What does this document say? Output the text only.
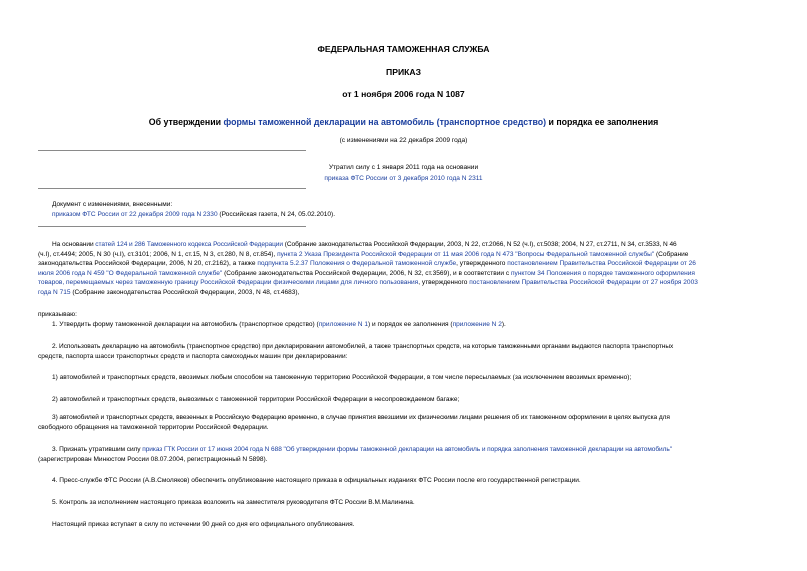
ФЕДЕРАЛЬНАЯ ТАМОЖЕННАЯ СЛУЖБА
ПРИКАЗ
от 1 ноября 2006 года N 1087
Об утверждении формы таможенной декларации на автомобиль (транспортное средство) и порядка ее заполнения
(с изменениями на 22 декабря 2009 года)
Утратил силу с 1 января 2011 года на основании
приказа ФТС России от 3 декабря 2010 года N 2311
Документ с изменениями, внесенными:
приказом ФТС России от 22 декабря 2009 года N 2330 (Российская газета, N 24, 05.02.2010).
На основании статей 124 и 286 Таможенного кодекса Российской Федерации (Собрание законодательства Российской Федерации, 2003, N 22, ст.2066, N 52 (ч.I), ст.5038; 2004, N 27, ст.2711, N 34, ст.3533, N 46
(ч.I), ст.4494; 2005, N 30 (ч.I), ст.3101; 2006, N 1, ст.15, N 3, ст.280, N 8, ст.854), пункта 2 Указа Президента Российской Федерации от 11 мая 2006 года N 473 "Вопросы Федеральной таможенной службы" (Собрание
законодательства Российской Федерации, 2006, N 20, ст.2162), а также подпункта 5.2.37 Положения о Федеральной таможенной службе, утвержденного постановлением Правительства Российской Федерации от 26
июля 2006 года N 459 "О Федеральной таможенной службе" (Собрание законодательства Российской Федерации, 2006, N 32, ст.3569), и в соответствии с пунктом 34 Положения о порядке таможенного оформления
товаров, перемещаемых через таможенную границу Российской Федерации физическими лицами для личного пользования, утвержденного постановлением Правительства Российской Федерации от 27 ноября 2003
года N 715 (Собрание законодательства Российской Федерации, 2003, N 48, ст.4683),
приказываю:
1. Утвердить форму таможенной декларации на автомобиль (транспортное средство) (приложение N 1) и порядок ее заполнения (приложение N 2).
2. Использовать декларацию на автомобиль (транспортное средство) при декларировании автомобилей, а также транспортных средств, на которые таможенными органами выдаются паспорта транспортных
средств, паспорта шасси транспортных средств и паспорта самоходных машин при декларировании:
1) автомобилей и транспортных средств, ввозимых любым способом на таможенную территорию Российской Федерации, в том числе пересылаемых (за исключением ввозимых временно);
2) автомобилей и транспортных средств, вывозимых с таможенной территории Российской Федерации в несопровождаемом багаже;
3) автомобилей и транспортных средств, ввезенных в Российскую Федерацию временно, в случае принятия ввезшими их физическими лицами решения об их таможенном оформлении в целях выпуска для
свободного обращения на таможенной территории Российской Федерации.
3. Признать утратившим силу приказ ГТК России от 17 июня 2004 года N 688 "Об утверждении формы таможенной декларации на автомобиль и порядка заполнения таможенной декларации на автомобиль"
(зарегистрирован Минюстом России 08.07.2004, регистрационный N 5898).
4. Пресс-службе ФТС России (А.В.Смоляков) обеспечить опубликование настоящего приказа в официальных изданиях ФТС России после его государственной регистрации.
5. Контроль за исполнением настоящего приказа возложить на заместителя руководителя ФТС России В.М.Малинина.
Настоящий приказ вступает в силу по истечении 90 дней со дня его официального опубликования.
